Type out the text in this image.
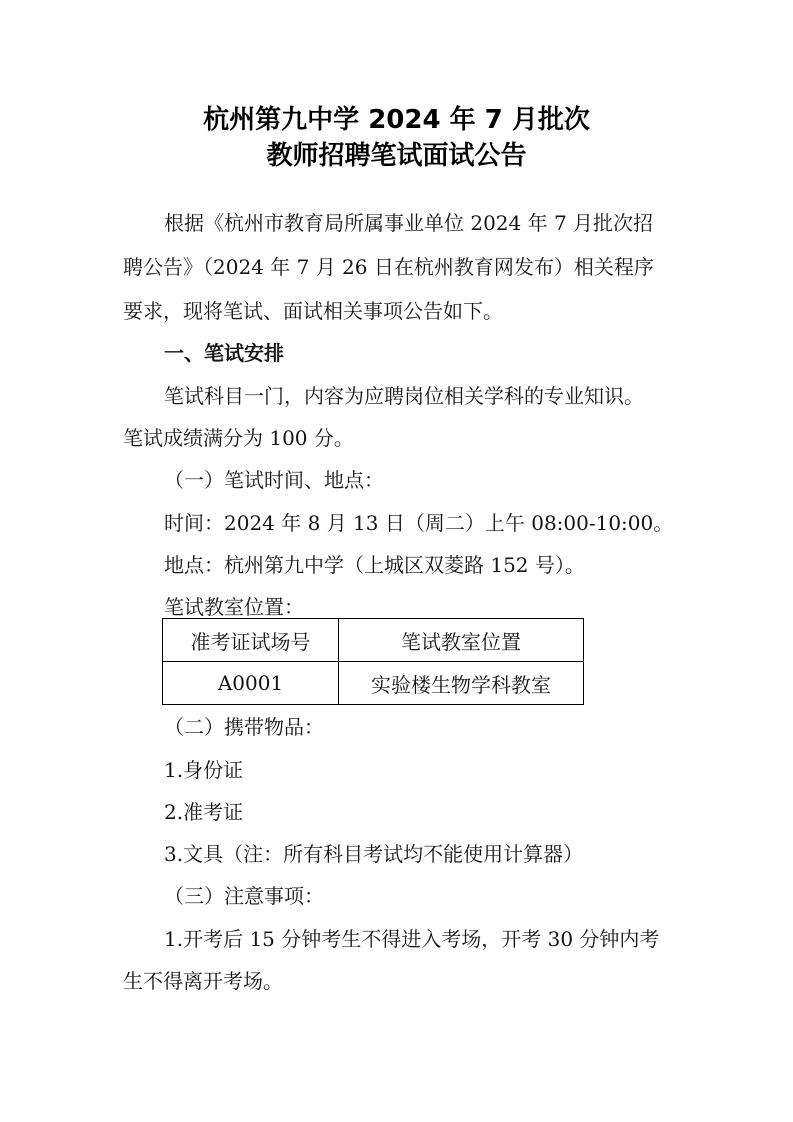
杭州第九中学 2024 年 7 月批次
教师招聘笔试面试公告
根据《杭州市教育局所属事业单位 2024 年 7 月批次招
聘公告》（2024 年 7 月 26 日在杭州教育网发布）相关程序
要求，现将笔试、面试相关事项公告如下。
一、笔试安排
笔试科目一门，内容为应聘岗位相关学科的专业知识。
笔试成绩满分为 100 分。
（一）笔试时间、地点：
时间：2024 年 8 月 13 日（周二）上午 08:00-10:00。
地点：杭州第九中学（上城区双菱路 152 号）。
笔试教室位置：
准考证试场号	笔试教室位置
A0001	实验楼生物学科教室
（二）携带物品：
1.身份证
2.准考证
3.文具（注：所有科目考试均不能使用计算器）
（三）注意事项：
1.开考后 15 分钟考生不得进入考场，开考 30 分钟内考
生不得离开考场。
